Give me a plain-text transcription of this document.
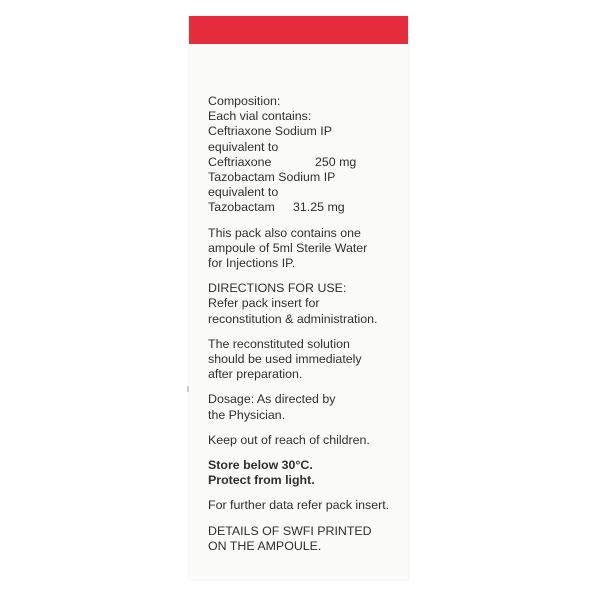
Composition:
Each vial contains:
Ceftriaxone Sodium IP
equivalent to
Ceftriaxone	250 mg
Tazobactam Sodium IP
equivalent to
Tazobactam 31.25 mg
This pack also contains one
ampoule of 5ml Sterile Water
for Injections IP.
DIRECTIONS FOR USE:
Refer pack insert for
reconstitution & administration.
The reconstituted solution
should be used immediately
after preparation.
Dosage: As directed by
the Physician.
Keep out of reach of children.
Store below 30°C.
Protect from light.
For further data refer pack insert.
DETAILS OF SWFI PRINTED
ON THE AMPOULE.
